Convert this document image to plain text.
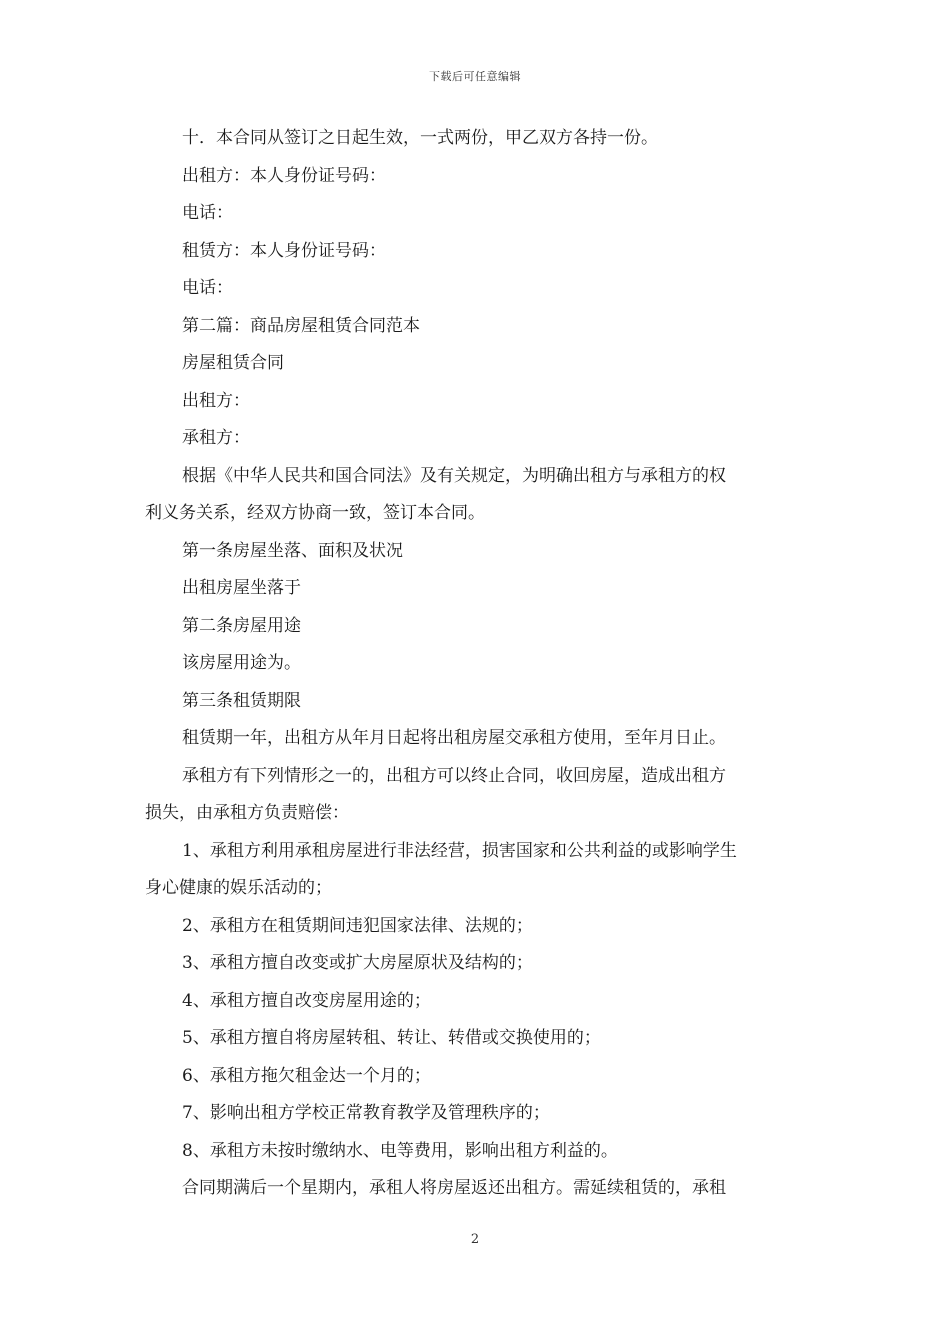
下载后可任意编辑
十．本合同从签订之日起生效，一式两份，甲乙双方各持一份。
出租方：本人身份证号码：
电话：
租赁方：本人身份证号码：
电话：
第二篇：商品房屋租赁合同范本
房屋租赁合同
出租方：
承租方：
根据《中华人民共和国合同法》及有关规定，为明确出租方与承租方的权
利义务关系，经双方协商一致，签订本合同。
第一条房屋坐落、面积及状况
出租房屋坐落于
第二条房屋用途
该房屋用途为。
第三条租赁期限
租赁期一年，出租方从年月日起将出租房屋交承租方使用，至年月日止。
承租方有下列情形之一的，出租方可以终止合同，收回房屋，造成出租方
损失，由承租方负责赔偿：
1、承租方利用承租房屋进行非法经营，损害国家和公共利益的或影响学生
身心健康的娱乐活动的；
2、承租方在租赁期间违犯国家法律、法规的；
3、承租方擅自改变或扩大房屋原状及结构的；
4、承租方擅自改变房屋用途的；
5、承租方擅自将房屋转租、转让、转借或交换使用的；
6、承租方拖欠租金达一个月的；
7、影响出租方学校正常教育教学及管理秩序的；
8、承租方未按时缴纳水、电等费用，影响出租方利益的。
合同期满后一个星期内，承租人将房屋返还出租方。需延续租赁的，承租
2
